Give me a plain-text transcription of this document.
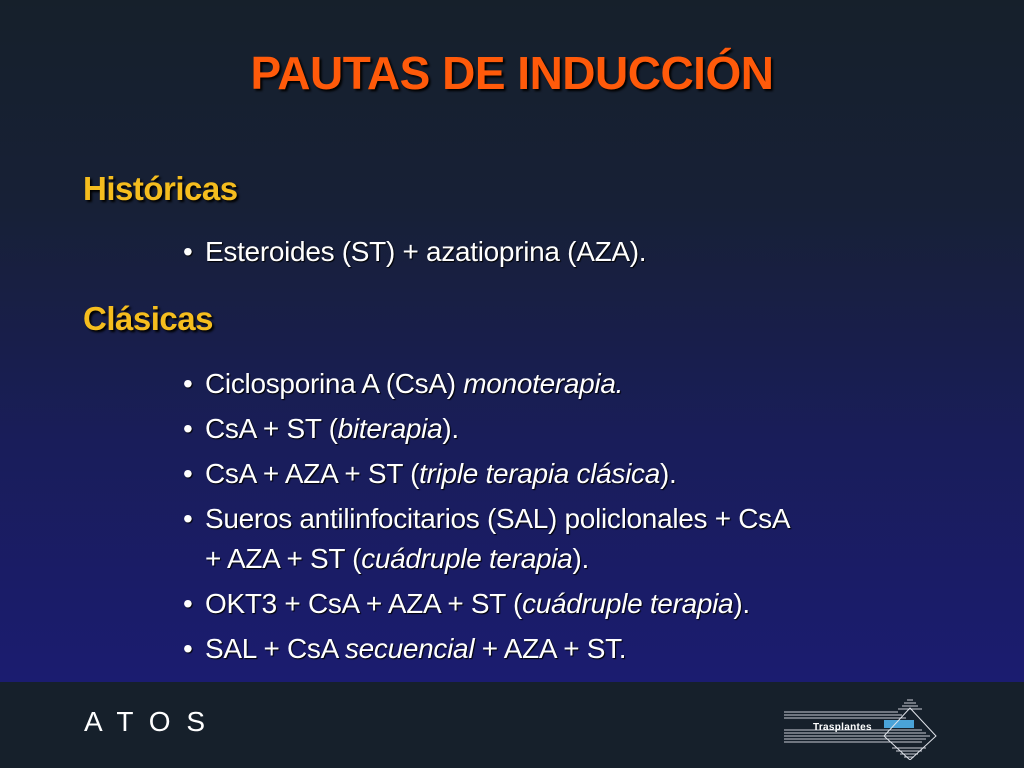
PAUTAS DE INDUCCIÓN
Históricas
• Esteroides (ST) + azatioprina (AZA).
Clásicas
• Ciclosporina A (CsA) monoterapia.
• CsA + ST (biterapia).
• CsA + AZA + ST (triple terapia clásica).
• Sueros antilinfocitarios (SAL) policlonales + CsA
+ AZA + ST (cuádruple terapia).
• OKT3 + CsA + AZA + ST (cuádruple terapia).
• SAL + CsA secuencial + AZA + ST.
A T O S	Trasplantes
